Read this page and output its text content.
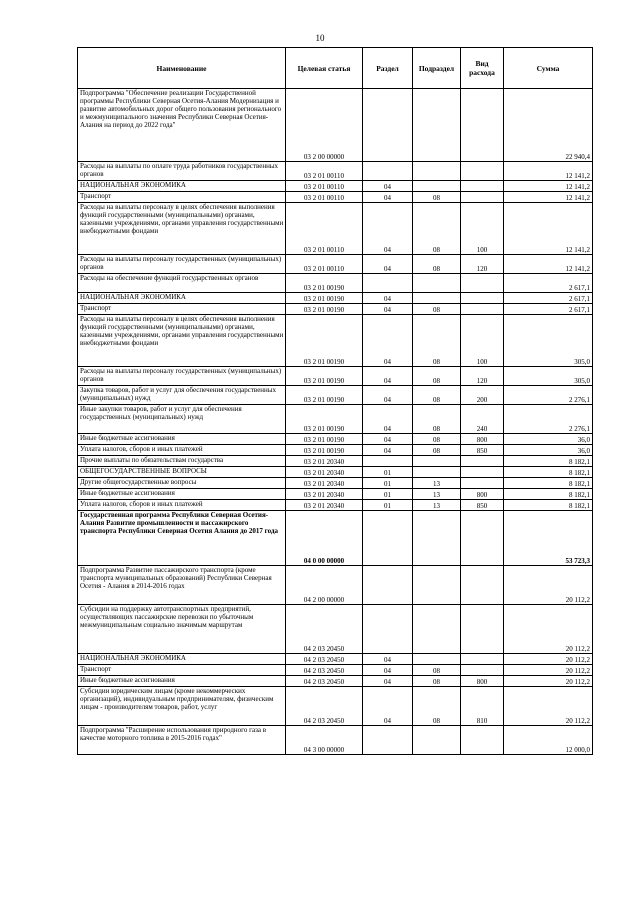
10
Наименование	Целевая статья	Раздел	Подраздел	Вид расхода	Сумма
Подпрограмма "Обеспечение реализации Государственной программы Республики Северная Осетия-Алания Модернизация и развитие автомобильных дорог общего пользования регионального и межмуниципального значения Республики Северная Осетия-Алания на период до 2022 года"	03 2 00 00000				22 940,4
Расходы на выплаты по оплате труда работников государственных органов	03 2 01 00110				12 141,2
НАЦИОНАЛЬНАЯ ЭКОНОМИКА	03 2 01 00110	04			12 141,2
Транспорт	03 2 01 00110	04	08		12 141,2
Расходы на выплаты персоналу в целях обеспечения выполнения функций государственными (муниципальными) органами, казенными учреждениями, органами управления государственными внебюджетными фондами	03 2 01 00110	04	08	100	12 141,2
Расходы на выплаты персоналу государственных (муниципальных) органов	03 2 01 00110	04	08	120	12 141,2
Расходы на обеспечение функций государственных органов	03 2 01 00190				2 617,1
НАЦИОНАЛЬНАЯ ЭКОНОМИКА	03 2 01 00190	04			2 617,1
Транспорт	03 2 01 00190	04	08		2 617,1
Расходы на выплаты персоналу в целях обеспечения выполнения функций государственными (муниципальными) органами, казенными учреждениями, органами управления государственными внебюджетными фондами	03 2 01 00190	04	08	100	305,0
Расходы на выплаты персоналу государственных (муниципальных) органов	03 2 01 00190	04	08	120	305,0
Закупка товаров, работ и услуг для обеспечения государственных (муниципальных) нужд	03 2 01 00190	04	08	200	2 276,1
Иные закупки товаров, работ и услуг для обеспечения государственных (муниципальных) нужд	03 2 01 00190	04	08	240	2 276,1
Иные бюджетные ассигнования	03 2 01 00190	04	08	800	36,0
Уплата налогов, сборов и иных платежей	03 2 01 00190	04	08	850	36,0
Прочие выплаты по обязательствам государства	03 2 01 20340				8 182,1
ОБЩЕГОСУДАРСТВЕННЫЕ ВОПРОСЫ	03 2 01 20340	01			8 182,1
Другие общегосударственные вопросы	03 2 01 20340	01	13		8 182,1
Иные бюджетные ассигнования	03 2 01 20340	01	13	800	8 182,1
Уплата налогов, сборов и иных платежей	03 2 01 20340	01	13	850	8 182,1
Государственная программа Республики Северная Осетия-Алания Развитие промышленности и пассажирского транспорта Республики Северная Осетия Алания до 2017 года	04 0 00 00000				53 723,3
Подпрограмма Развитие пассажирского транспорта (кроме транспорта муниципальных образований) Республики Северная Осетия - Алания в 2014-2016 годах	04 2 00 00000				20 112,2
Субсидии на поддержку автотранспортных предприятий, осуществляющих пассажирские перевозки по убыточным межмуниципальным социально значимым маршрутам	04 2 03 20450				20 112,2
НАЦИОНАЛЬНАЯ ЭКОНОМИКА	04 2 03 20450	04			20 112,2
Транспорт	04 2 03 20450	04	08		20 112,2
Иные бюджетные ассигнования	04 2 03 20450	04	08	800	20 112,2
Субсидии юридическим лицам (кроме некоммерческих организаций), индивидуальным предпринимателям, физическим лицам - производителям товаров, работ, услуг	04 2 03 20450	04	08	810	20 112,2
Подпрограмма "Расширение использования природного газа в качестве моторного топлива в 2015-2016 годах"	04 3 00 00000				12 000,0
